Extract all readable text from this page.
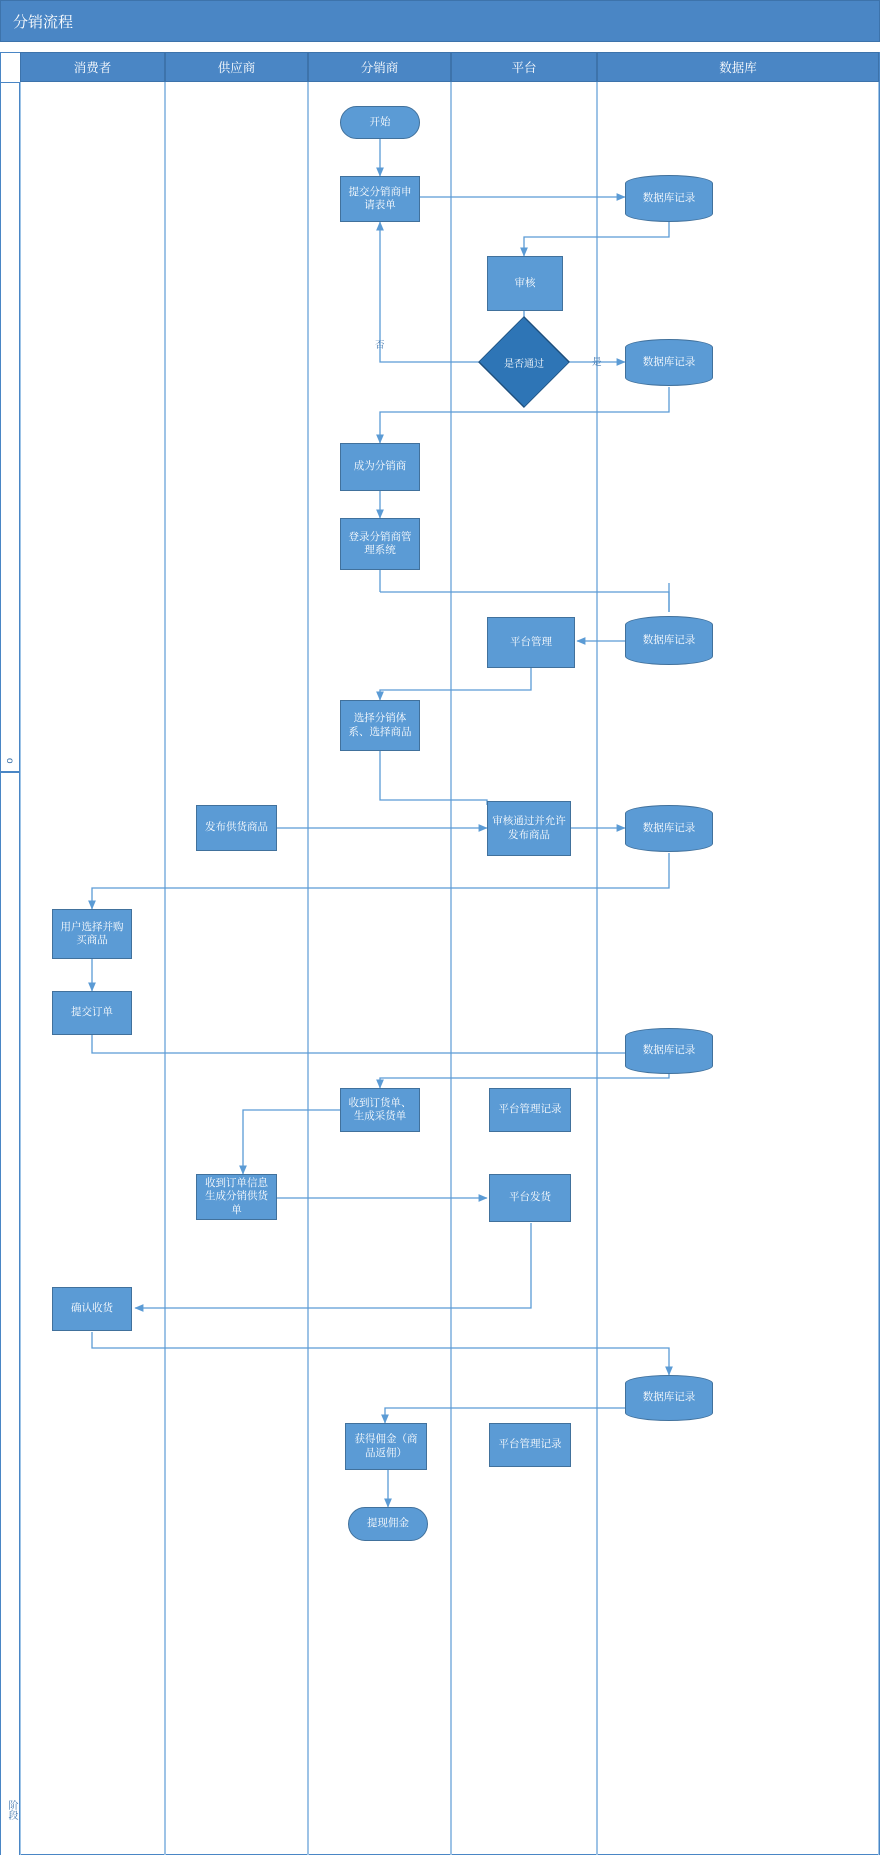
分销流程
o
阶段
消费者	供应商	分销商	平台	数据库
开始
提交分销商申请表单
数据库记录
审核
是否通过	数据库记录
成为分销商
登录分销商管理系统
平台管理	数据库记录
选择分销体系、选择商品
发布供货商品
审核通过并允许发布商品
数据库记录
用户选择并购买商品
提交订单
数据库记录
收到订货单、生成采货单
平台管理记录
收到订单信息生成分销供货单
平台发货
确认收货
数据库记录
获得佣金（商品返佣）
平台管理记录
提现佣金
否
是
